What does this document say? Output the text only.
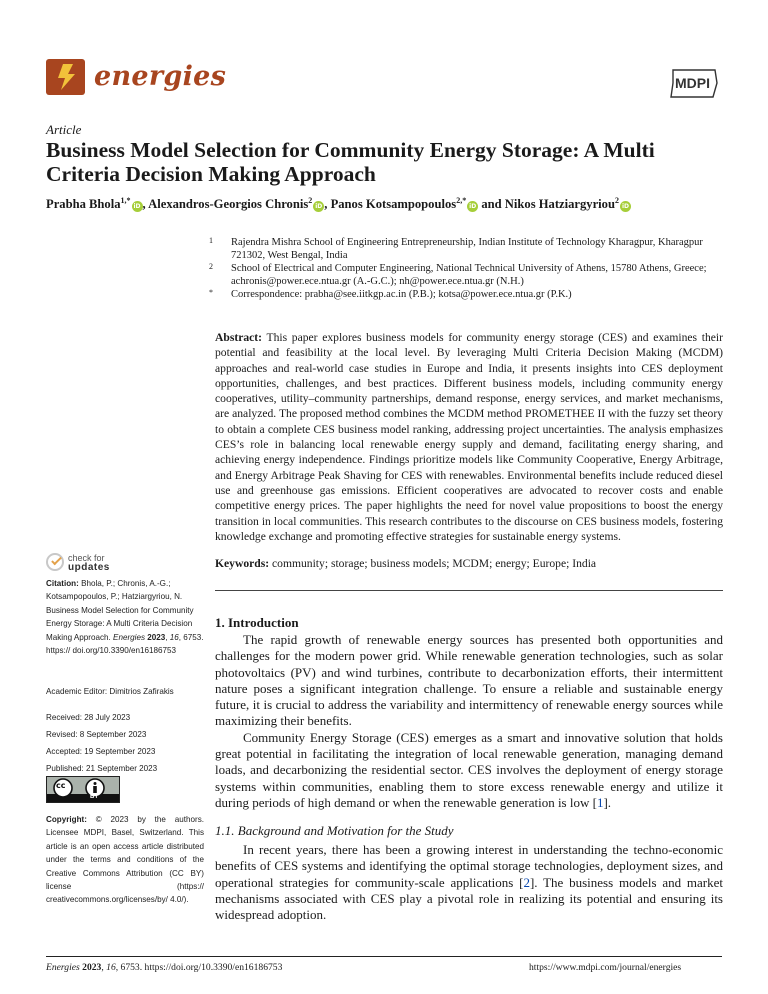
energies	MDPI
Article
Business Model Selection for Community Energy Storage: A Multi Criteria Decision Making Approach
Prabha Bhola$^{1,*}$iD , Alexandros-Georgios Chronis$^2$iD , Panos Kotsampopoulos$^{2,*}$iD and Nikos Hatziargyriou$^2$iD
1 Rajendra Mishra School of Engineering Entrepreneurship, Indian Institute of Technology Kharagpur, Kharagpur 721302, West Bengal, India
2 School of Electrical and Computer Engineering, National Technical University of Athens, 15780 Athens, Greece; achronis@power.ece.ntua.gr (A.-G.C.); nh@power.ece.ntua.gr (N.H.)
* Correspondence: prabha@see.iitkgp.ac.in (P.B.); kotsa@power.ece.ntua.gr (P.K.)
Abstract: This paper explores business models for community energy storage (CES) and examines their potential and feasibility at the local level. By leveraging Multi Criteria Decision Making (MCDM) approaches and real-world case studies in Europe and India, it presents insights into CES deployment opportunities, challenges, and best practices. Different business models, including community energy cooperatives, utility–community partnerships, demand response, energy services, and market mechanisms, are analyzed. The proposed method combines the MCDM method PROMETHEE II with the fuzzy set theory to obtain a complete CES business model ranking, addressing project uncertainties. The analysis emphasizes CES’s role in balancing local renewable energy supply and demand, facilitating energy sharing, and achieving energy independence. Findings prioritize models like Community Cooperative, Energy Arbitrage, and Energy Arbitrage Peak Shaving for CES with renewables. Environmental benefits include reduced diesel use and greenhouse gas emissions. Efficient cooperatives are advocated to recover costs and enable competitive energy prices. The paper highlights the need for novel value propositions to boost the energy transition in local communities. This research contributes to the discourse on CES business models, fostering knowledge exchange and promoting effective strategies for sustainable energy systems.
Keywords: community; storage; business models; MCDM; energy; Europe; India
check for
updates
Citation: Bhola, P.; Chronis, A.-G.; Kotsampopoulos, P.; Hatziargyriou, N. Business Model Selection for Community Energy Storage: A Multi Criteria Decision Making Approach. Energies 2023, 16, 6753. https:// doi.org/10.3390/en16186753
Academic Editor: Dimitrios Zafirakis
Received: 28 July 2023
Revised: 8 September 2023
Accepted: 19 September 2023
Published: 21 September 2023
cc
BY
Copyright: © 2023 by the authors. Licensee MDPI, Basel, Switzerland. This article is an open access article distributed under the terms and conditions of the Creative Commons Attribution (CC BY) license (https:// creativecommons.org/licenses/by/ 4.0/).
1. Introduction

The rapid growth of renewable energy sources has presented both opportunities and challenges for the modern power grid. While renewable generation technologies, such as solar photovoltaics (PV) and wind turbines, contribute to decarbonization efforts, their intermittent nature poses a significant integration challenge. To ensure a reliable and sustainable energy future, it is crucial to address the variability and intermittency of renewable energy sources while maximizing their benefits.

Community Energy Storage (CES) emerges as a smart and innovative solution that holds great potential in facilitating the integration of local renewable generation, managing demand loads, and decarbonizing the residential sector. CES involves the deployment of energy storage systems within communities, enabling them to store excess renewable energy and utilize it during periods of high demand or when the renewable generation is low [1].

1.1. Background and Motivation for the Study

In recent years, there has been a growing interest in understanding the techno-economic benefits of CES systems and identifying the optimal storage technologies, deployment sizes, and operational strategies for community-scale applications [2]. The business models and market mechanisms associated with CES play a pivotal role in realizing its potential and ensuring its widespread adoption.

Energies 2023, 16, 6753. https://doi.org/10.3390/en16186753	https://www.mdpi.com/journal/energies
